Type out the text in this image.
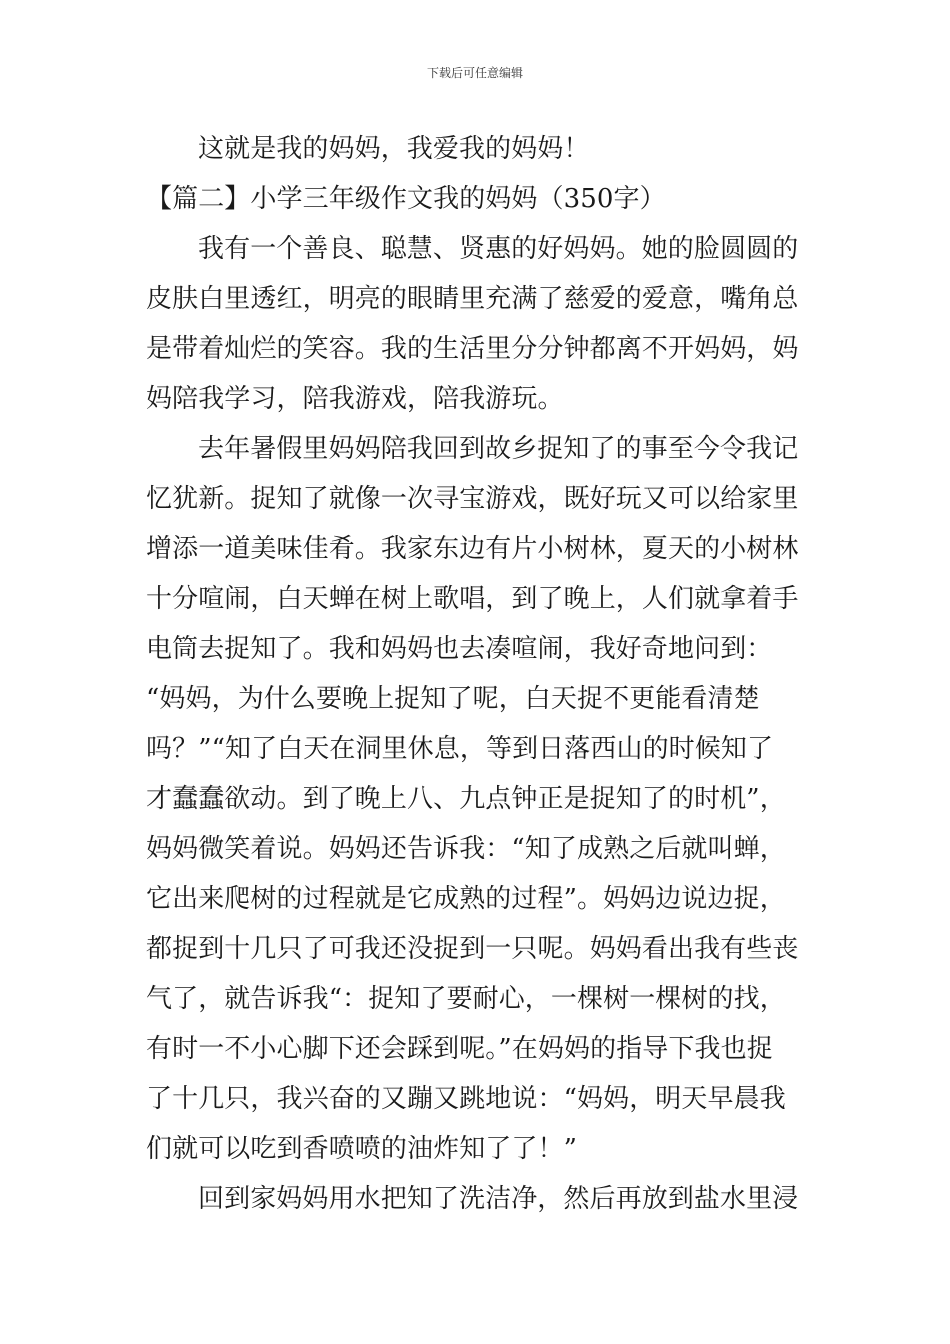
下载后可任意编辑
这就是我的妈妈，我爱我的妈妈！
【篇二】小学三年级作文我的妈妈（350字）
我有一个善良、聪慧、贤惠的好妈妈。她的脸圆圆的
皮肤白里透红，明亮的眼睛里充满了慈爱的爱意，嘴角总
是带着灿烂的笑容。我的生活里分分钟都离不开妈妈，妈
妈陪我学习，陪我游戏，陪我游玩。
去年暑假里妈妈陪我回到故乡捉知了的事至今令我记
忆犹新。捉知了就像一次寻宝游戏，既好玩又可以给家里
增添一道美味佳肴。我家东边有片小树林，夏天的小树林
十分喧闹，白天蝉在树上歌唱，到了晚上，人们就拿着手
电筒去捉知了。我和妈妈也去凑喧闹，我好奇地问到：
“妈妈，为什么要晚上捉知了呢，白天捉不更能看清楚
吗？”“知了白天在洞里休息，等到日落西山的时候知了
才蠢蠢欲动。到了晚上八、九点钟正是捉知了的时机”，
妈妈微笑着说。妈妈还告诉我：“知了成熟之后就叫蝉，
它出来爬树的过程就是它成熟的过程”。妈妈边说边捉，
都捉到十几只了可我还没捉到一只呢。妈妈看出我有些丧
气了，就告诉我“：捉知了要耐心，一棵树一棵树的找，
有时一不小心脚下还会踩到呢。”在妈妈的指导下我也捉
了十几只，我兴奋的又蹦又跳地说：“妈妈，明天早晨我
们就可以吃到香喷喷的油炸知了了！”
回到家妈妈用水把知了洗洁净，然后再放到盐水里浸
